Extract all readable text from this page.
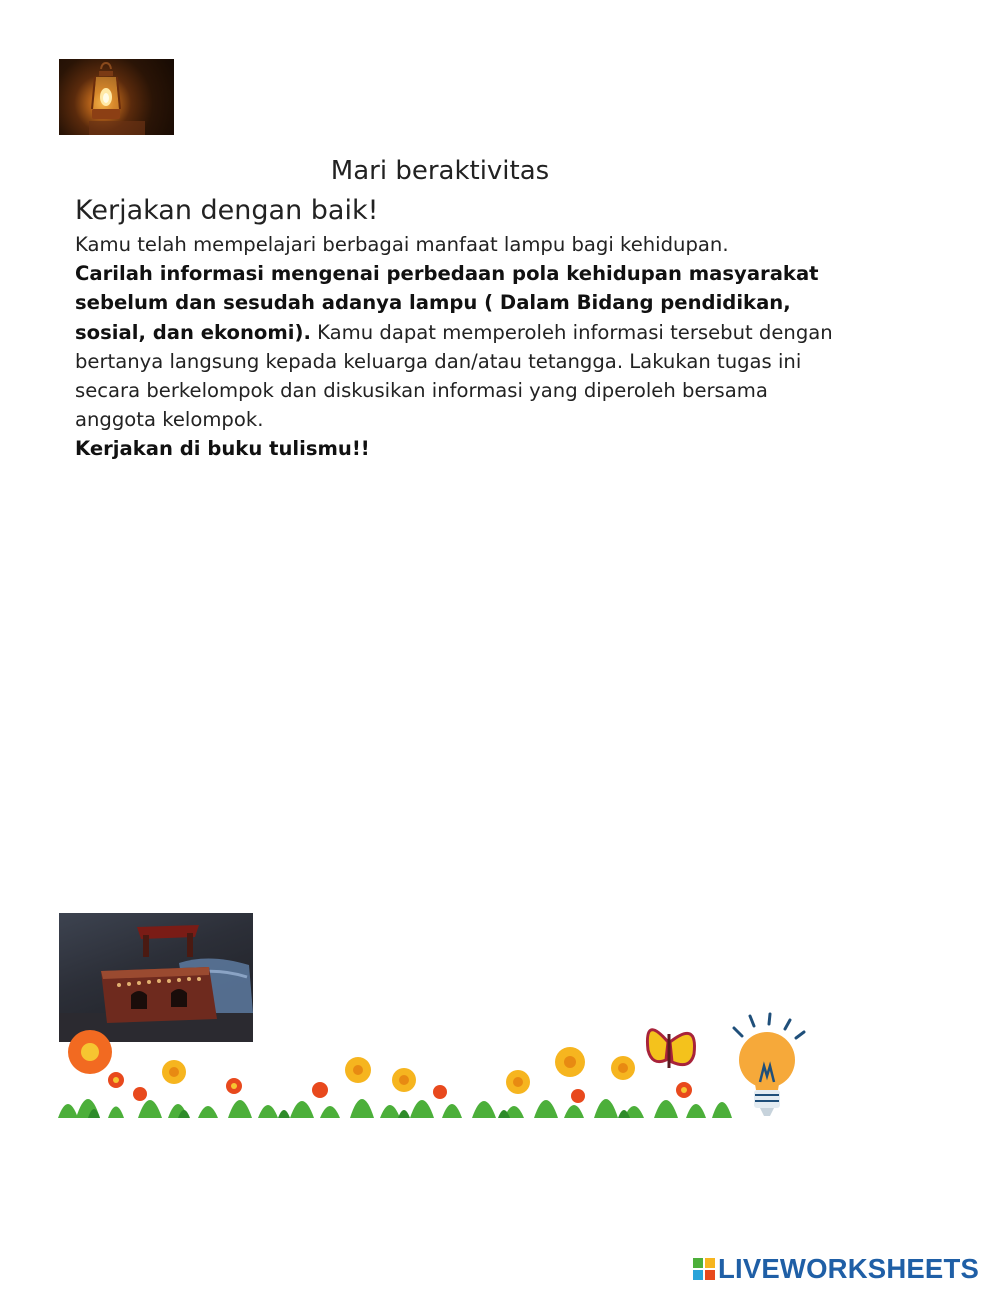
Mari beraktivitas
Kerjakan dengan baik!
Kamu telah mempelajari berbagai manfaat lampu bagi kehidupan.
Carilah informasi mengenai perbedaan pola kehidupan masyarakat sebelum dan sesudah adanya lampu ( Dalam Bidang pendidikan, sosial, dan ekonomi). Kamu dapat memperoleh informasi tersebut dengan bertanya langsung kepada keluarga dan/atau tetangga. Lakukan tugas ini secara berkelompok dan diskusikan informasi yang diperoleh bersama anggota kelompok.
Kerjakan di buku tulismu!!
LIVEWORKSHEETS
